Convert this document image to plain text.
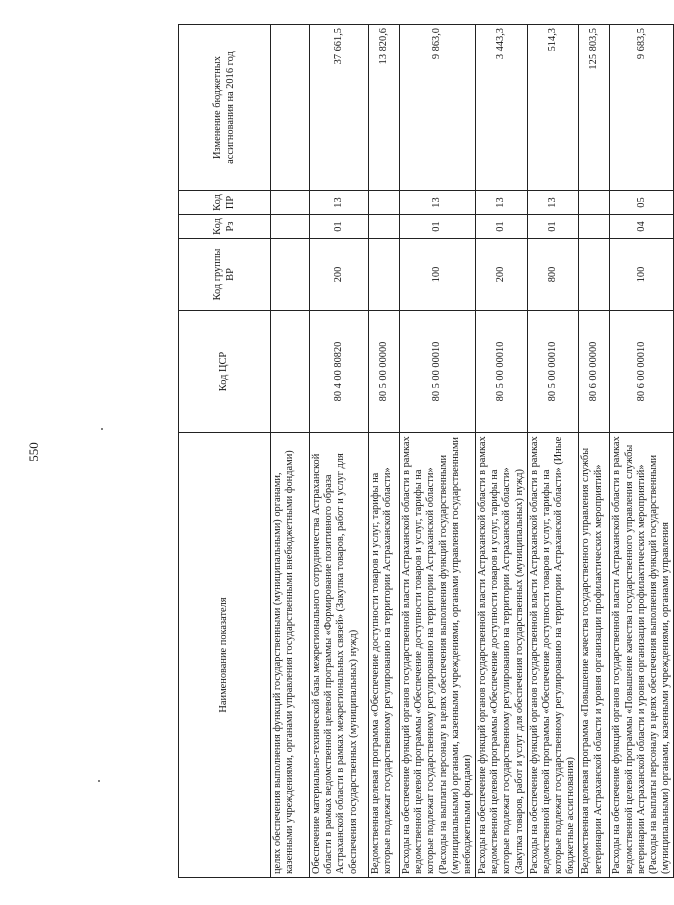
550
Наименование показателя	Код ЦСР	Код группы ВР	Код Рз	Код ПР	Изменение бюджетных ассигнования на 2016 год
целях обеспечения выполнения функций государственными (муниципальными) органами, казенными учреждениями, органами управления государственными внебюджетными фондами)					
Обеспечение материально-технической базы межрегионального сотрудничества Астраханской области в рамках ведомственной целевой программы «Формирование позитивного образа Астраханской области в рамках межрегиональных связей» (Закупка товаров, работ и услуг для обеспечения государственных (муниципальных) нужд)	80 4 00 80820	200	01	13	37 661,5
Ведомственная целевая программа «Обеспечение доступности товаров и услуг, тарифы на которые подлежат государственному регулированию на территории Астраханской области»	80 5 00 00000				13 820,6
Расходы на обеспечение функций органов государственной власти Астраханской области в рамках ведомственной целевой программы «Обеспечение доступности товаров и услуг, тарифы на которые подлежат государственному регулированию на территории Астраханской области» (Расходы на выплаты персоналу в целях обеспечения выполнения функций государственными (муниципальными) органами, казенными учреждениями, органами управления государственными внебюджетными фондами)	80 5 00 00010	100	01	13	9 863,0
Расходы на обеспечение функций органов государственной власти Астраханской области в рамках ведомственной целевой программы «Обеспечение доступности товаров и услуг, тарифы на которые подлежат государственному регулированию на территории Астраханской области» (Закупка товаров, работ и услуг для обеспечения государственных (муниципальных) нужд)	80 5 00 00010	200	01	13	3 443,3
Расходы на обеспечение функций органов государственной власти Астраханской области в рамках ведомственной целевой программы «Обеспечение доступности товаров и услуг, тарифы на которые подлежат государственному регулированию на территории Астраханской области» (Иные бюджетные ассигнования)	80 5 00 00010	800	01	13	514,3
Ведомственная целевая программа «Повышение качества государственного управления службы ветеринарии Астраханской области и уровня организации профилактических мероприятий»	80 6 00 00000				125 803,5
Расходы на обеспечение функций органов государственной власти Астраханской области в рамках ведомственной целевой программы «Повышение качества государственного управления службы ветеринарии Астраханской области и уровня организации профилактических мероприятий» (Расходы на выплаты персоналу в целях обеспечения выполнения функций государственными (муниципальными) органами, казенными учреждениями, органами управления	80 6 00 00010	100	04	05	9 683,5
